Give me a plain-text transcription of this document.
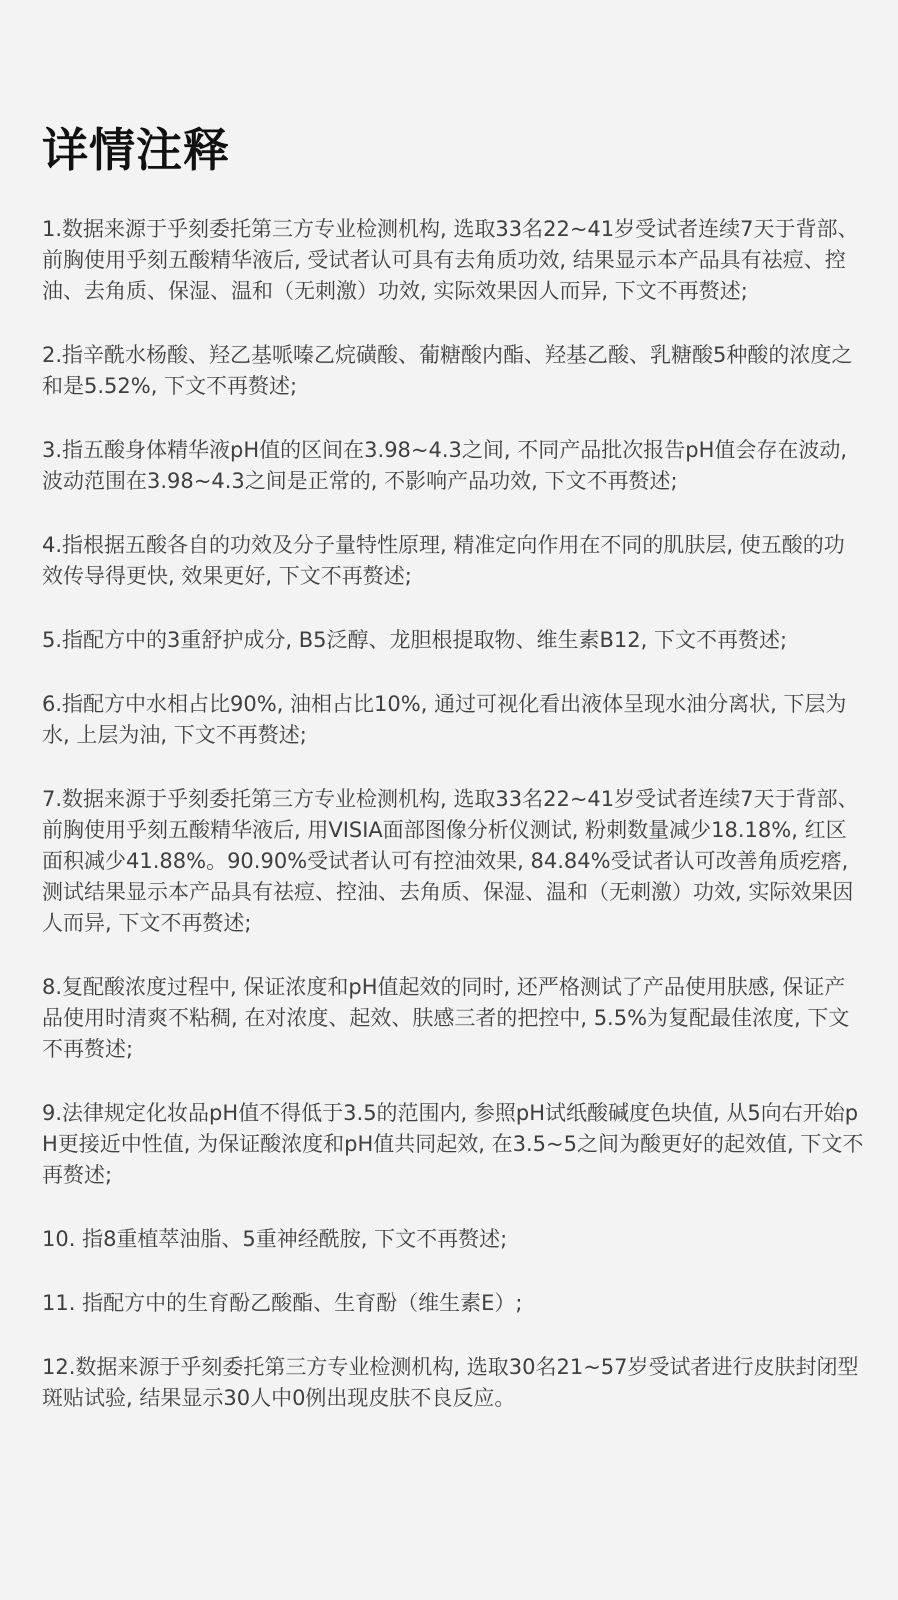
详情注释

1.数据来源于乎刻委托第三方专业检测机构, 选取33名22~41岁受试者连续7天于背部、前胸使用乎刻五酸精华液后, 受试者认可具有去角质功效, 结果显示本产品具有祛痘、控油、去角质、保湿、温和（无刺激）功效, 实际效果因人而异, 下文不再赘述;

2.指辛酰水杨酸、羟乙基哌嗪乙烷磺酸、葡糖酸内酯、羟基乙酸、乳糖酸5种酸的浓度之和是5.52%, 下文不再赘述;

3.指五酸身体精华液pH值的区间在3.98~4.3之间, 不同产品批次报告pH值会存在波动, 波动范围在3.98~4.3之间是正常的, 不影响产品功效, 下文不再赘述;

4.指根据五酸各自的功效及分子量特性原理, 精准定向作用在不同的肌肤层, 使五酸的功效传导得更快, 效果更好, 下文不再赘述;

5.指配方中的3重舒护成分, B5泛醇、龙胆根提取物、维生素B12, 下文不再赘述;

6.指配方中水相占比90%, 油相占比10%, 通过可视化看出液体呈现水油分离状, 下层为水, 上层为油, 下文不再赘述;

7.数据来源于乎刻委托第三方专业检测机构, 选取33名22~41岁受试者连续7天于背部、前胸使用乎刻五酸精华液后, 用VISIA面部图像分析仪测试, 粉刺数量减少18.18%, 红区面积减少41.88%。90.90%受试者认可有控油效果, 84.84%受试者认可改善角质疙瘩, 测试结果显示本产品具有祛痘、控油、去角质、保湿、温和（无刺激）功效, 实际效果因人而异, 下文不再赘述;

8.复配酸浓度过程中, 保证浓度和pH值起效的同时, 还严格测试了产品使用肤感, 保证产品使用时清爽不粘稠, 在对浓度、起效、肤感三者的把控中, 5.5%为复配最佳浓度, 下文不再赘述;

9.法律规定化妆品pH值不得低于3.5的范围内, 参照pH试纸酸碱度色块值, 从5向右开始pH更接近中性值, 为保证酸浓度和pH值共同起效, 在3.5~5之间为酸更好的起效值, 下文不再赘述;

10. 指8重植萃油脂、5重神经酰胺, 下文不再赘述;

11. 指配方中的生育酚乙酸酯、生育酚（维生素E）;

12.数据来源于乎刻委托第三方专业检测机构, 选取30名21~57岁受试者进行皮肤封闭型斑贴试验, 结果显示30人中0例出现皮肤不良反应。
